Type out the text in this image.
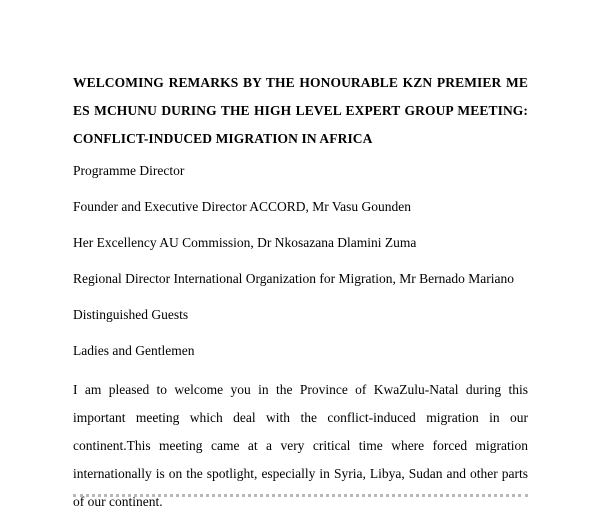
WELCOMING REMARKS BY THE HONOURABLE KZN PREMIER ME ES MCHUNU DURING THE HIGH LEVEL EXPERT GROUP MEETING: CONFLICT-INDUCED MIGRATION IN AFRICA

Programme Director

Founder and Executive Director ACCORD, Mr Vasu Gounden

Her Excellency AU Commission, Dr Nkosazana Dlamini Zuma

Regional Director International Organization for Migration, Mr Bernado Mariano

Distinguished Guests

Ladies and Gentlemen

I am pleased to welcome you in the Province of KwaZulu-Natal during this important meeting which deal with the conflict-induced migration in our continent.This meeting came at a very critical time where forced migration internationally is on the spotlight, especially in Syria, Libya, Sudan and other parts of our continent.
